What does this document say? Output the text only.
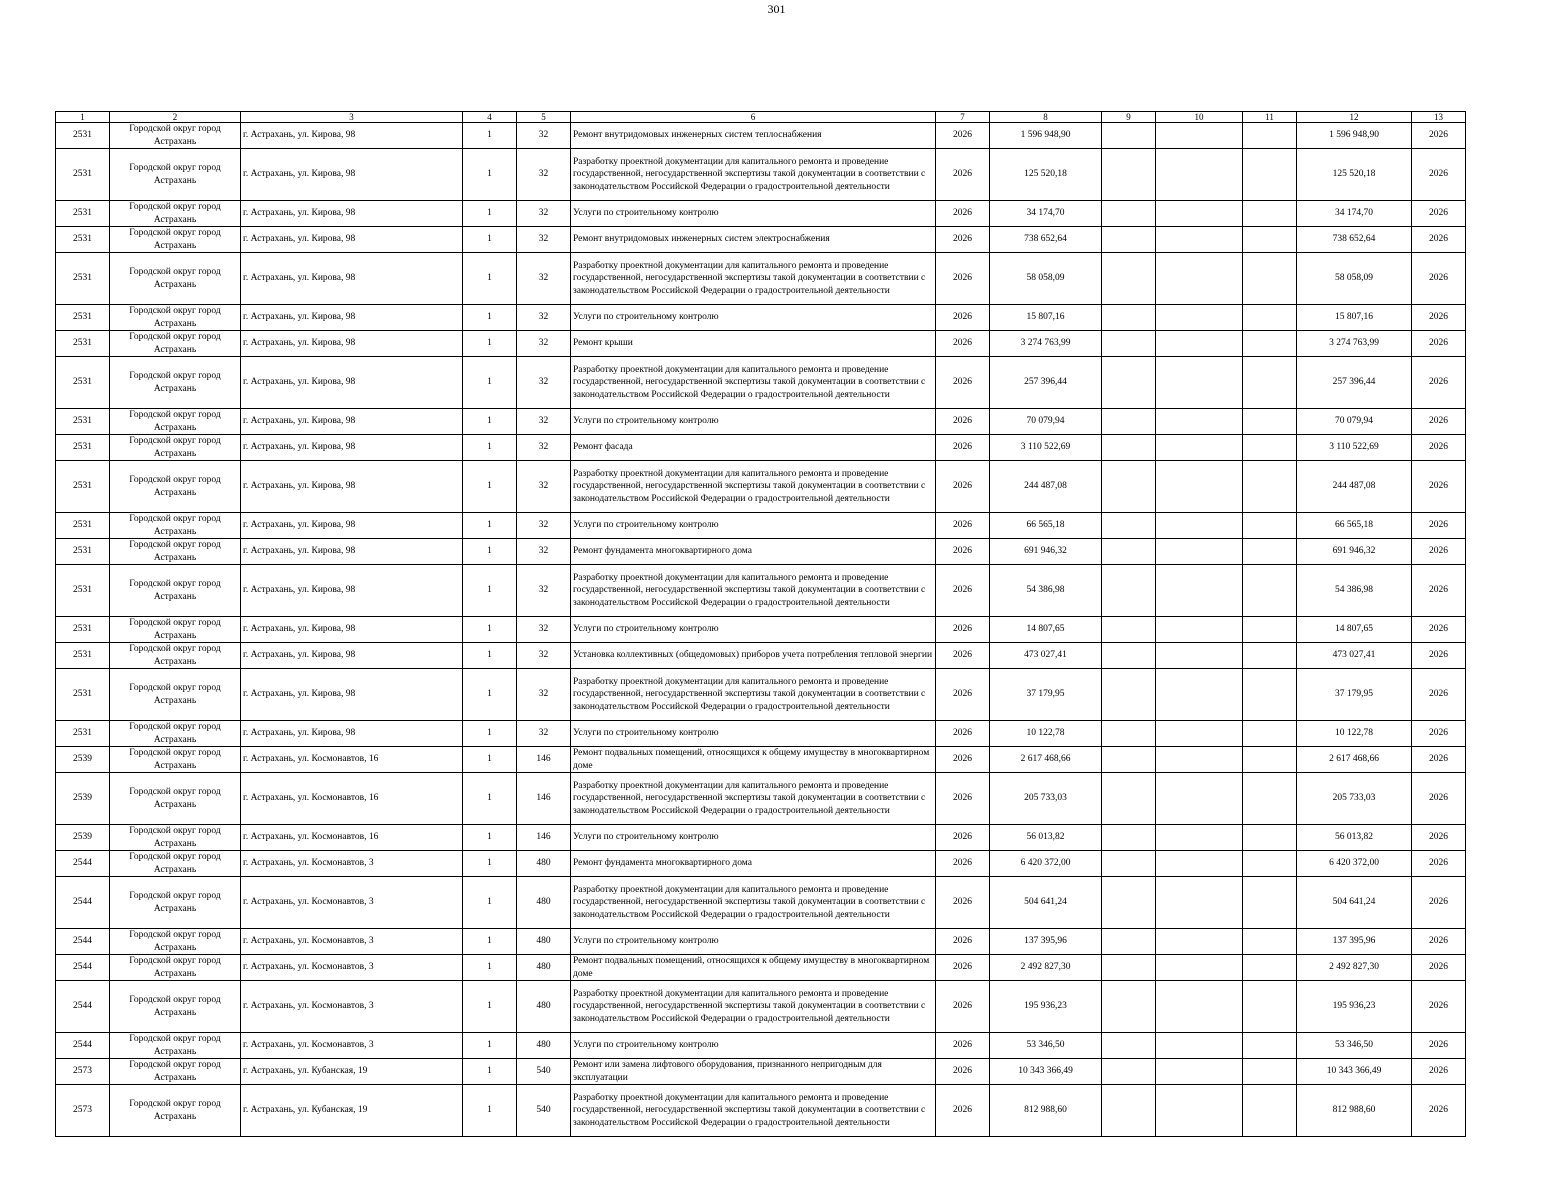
301
1	2	3	4	5	6	7	8	9	10	11	12	13
2531	Городской округ город Астрахань	г. Астрахань, ул. Кирова, 98	1	32	Ремонт внутридомовых инженерных систем теплоснабжения	2026	1 596 948,90				1 596 948,90	2026
2531	Городской округ город Астрахань	г. Астрахань, ул. Кирова, 98	1	32	Разработку проектной документации для капитального ремонта и проведение государственной, негосударственной экспертизы такой документации в соответствии с законодательством Российской Федерации о градостроительной деятельности	2026	125 520,18				125 520,18	2026
2531	Городской округ город Астрахань	г. Астрахань, ул. Кирова, 98	1	32	Услуги по строительному контролю	2026	34 174,70				34 174,70	2026
2531	Городской округ город Астрахань	г. Астрахань, ул. Кирова, 98	1	32	Ремонт внутридомовых инженерных систем электроснабжения	2026	738 652,64				738 652,64	2026
2531	Городской округ город Астрахань	г. Астрахань, ул. Кирова, 98	1	32	Разработку проектной документации для капитального ремонта и проведение государственной, негосударственной экспертизы такой документации в соответствии с законодательством Российской Федерации о градостроительной деятельности	2026	58 058,09				58 058,09	2026
2531	Городской округ город Астрахань	г. Астрахань, ул. Кирова, 98	1	32	Услуги по строительному контролю	2026	15 807,16				15 807,16	2026
2531	Городской округ город Астрахань	г. Астрахань, ул. Кирова, 98	1	32	Ремонт крыши	2026	3 274 763,99				3 274 763,99	2026
2531	Городской округ город Астрахань	г. Астрахань, ул. Кирова, 98	1	32	Разработку проектной документации для капитального ремонта и проведение государственной, негосударственной экспертизы такой документации в соответствии с законодательством Российской Федерации о градостроительной деятельности	2026	257 396,44				257 396,44	2026
2531	Городской округ город Астрахань	г. Астрахань, ул. Кирова, 98	1	32	Услуги по строительному контролю	2026	70 079,94				70 079,94	2026
2531	Городской округ город Астрахань	г. Астрахань, ул. Кирова, 98	1	32	Ремонт фасада	2026	3 110 522,69				3 110 522,69	2026
2531	Городской округ город Астрахань	г. Астрахань, ул. Кирова, 98	1	32	Разработку проектной документации для капитального ремонта и проведение государственной, негосударственной экспертизы такой документации в соответствии с законодательством Российской Федерации о градостроительной деятельности	2026	244 487,08				244 487,08	2026
2531	Городской округ город Астрахань	г. Астрахань, ул. Кирова, 98	1	32	Услуги по строительному контролю	2026	66 565,18				66 565,18	2026
2531	Городской округ город Астрахань	г. Астрахань, ул. Кирова, 98	1	32	Ремонт фундамента многоквартирного дома	2026	691 946,32				691 946,32	2026
2531	Городской округ город Астрахань	г. Астрахань, ул. Кирова, 98	1	32	Разработку проектной документации для капитального ремонта и проведение государственной, негосударственной экспертизы такой документации в соответствии с законодательством Российской Федерации о градостроительной деятельности	2026	54 386,98				54 386,98	2026
2531	Городской округ город Астрахань	г. Астрахань, ул. Кирова, 98	1	32	Услуги по строительному контролю	2026	14 807,65				14 807,65	2026
2531	Городской округ город Астрахань	г. Астрахань, ул. Кирова, 98	1	32	Установка коллективных (общедомовых) приборов учета потребления тепловой энергии	2026	473 027,41				473 027,41	2026
2531	Городской округ город Астрахань	г. Астрахань, ул. Кирова, 98	1	32	Разработку проектной документации для капитального ремонта и проведение государственной, негосударственной экспертизы такой документации в соответствии с законодательством Российской Федерации о градостроительной деятельности	2026	37 179,95				37 179,95	2026
2531	Городской округ город Астрахань	г. Астрахань, ул. Кирова, 98	1	32	Услуги по строительному контролю	2026	10 122,78				10 122,78	2026
2539	Городской округ город Астрахань	г. Астрахань, ул. Космонавтов, 16	1	146	Ремонт подвальных помещений, относящихся к общему имуществу в многоквартирном доме	2026	2 617 468,66				2 617 468,66	2026
2539	Городской округ город Астрахань	г. Астрахань, ул. Космонавтов, 16	1	146	Разработку проектной документации для капитального ремонта и проведение государственной, негосударственной экспертизы такой документации в соответствии с законодательством Российской Федерации о градостроительной деятельности	2026	205 733,03				205 733,03	2026
2539	Городской округ город Астрахань	г. Астрахань, ул. Космонавтов, 16	1	146	Услуги по строительному контролю	2026	56 013,82				56 013,82	2026
2544	Городской округ город Астрахань	г. Астрахань, ул. Космонавтов, 3	1	480	Ремонт фундамента многоквартирного дома	2026	6 420 372,00				6 420 372,00	2026
2544	Городской округ город Астрахань	г. Астрахань, ул. Космонавтов, 3	1	480	Разработку проектной документации для капитального ремонта и проведение государственной, негосударственной экспертизы такой документации в соответствии с законодательством Российской Федерации о градостроительной деятельности	2026	504 641,24				504 641,24	2026
2544	Городской округ город Астрахань	г. Астрахань, ул. Космонавтов, 3	1	480	Услуги по строительному контролю	2026	137 395,96				137 395,96	2026
2544	Городской округ город Астрахань	г. Астрахань, ул. Космонавтов, 3	1	480	Ремонт подвальных помещений, относящихся к общему имуществу в многоквартирном доме	2026	2 492 827,30				2 492 827,30	2026
2544	Городской округ город Астрахань	г. Астрахань, ул. Космонавтов, 3	1	480	Разработку проектной документации для капитального ремонта и проведение государственной, негосударственной экспертизы такой документации в соответствии с законодательством Российской Федерации о градостроительной деятельности	2026	195 936,23				195 936,23	2026
2544	Городской округ город Астрахань	г. Астрахань, ул. Космонавтов, 3	1	480	Услуги по строительному контролю	2026	53 346,50				53 346,50	2026
2573	Городской округ город Астрахань	г. Астрахань, ул. Кубанская, 19	1	540	Ремонт или замена лифтового оборудования, признанного непригодным для эксплуатации	2026	10 343 366,49				10 343 366,49	2026
2573	Городской округ город Астрахань	г. Астрахань, ул. Кубанская, 19	1	540	Разработку проектной документации для капитального ремонта и проведение государственной, негосударственной экспертизы такой документации в соответствии с законодательством Российской Федерации о градостроительной деятельности	2026	812 988,60				812 988,60	2026
